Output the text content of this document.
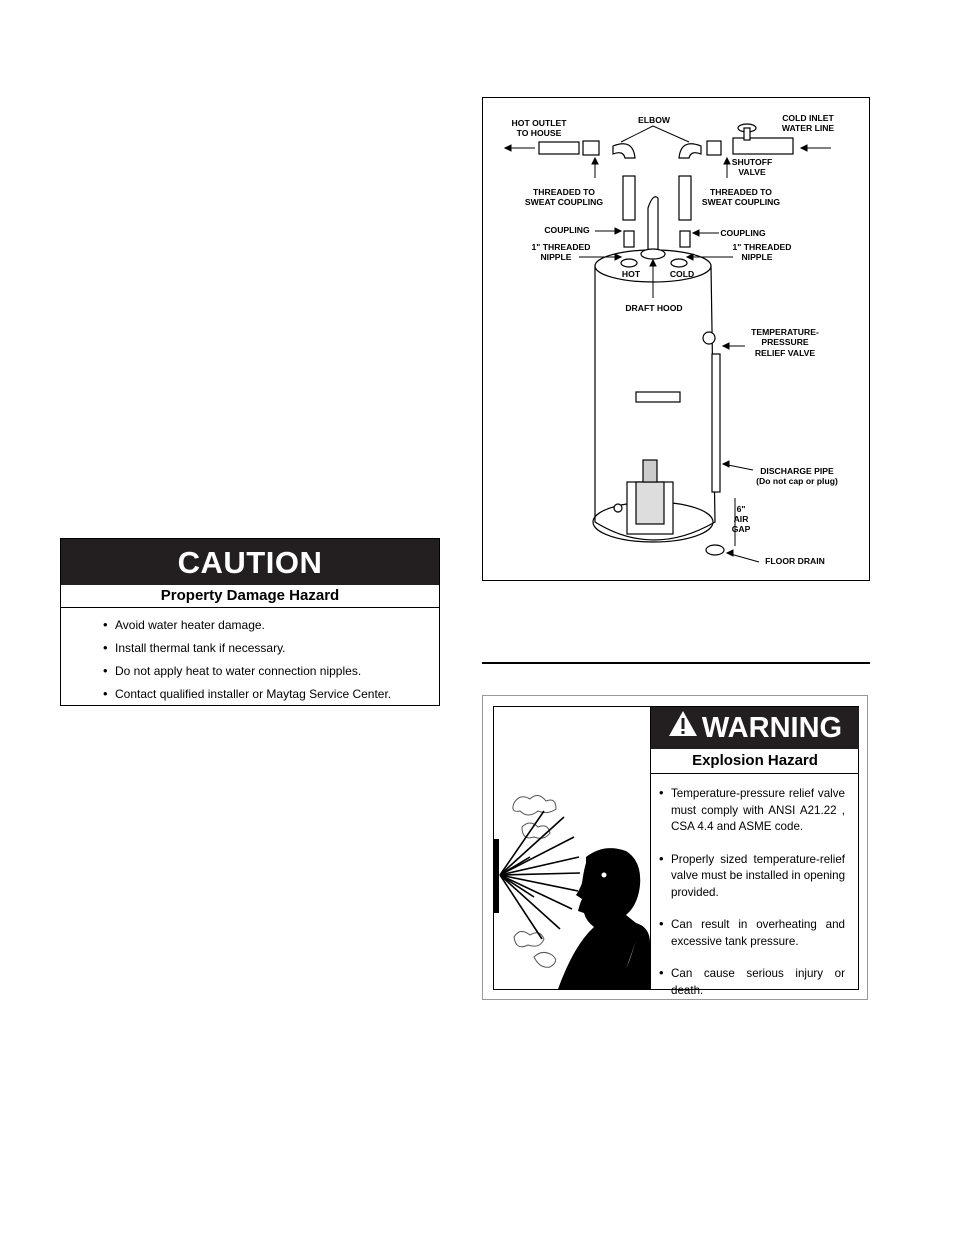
HOT OUTLET
TO HOUSE
ELBOW	COLD INLET
WATER LINE
SHUTOFF
VALVE
THREADED TO
SWEAT COUPLING
THREADED TO
SWEAT COUPLING
COUPLING	COUPLING
1" THREADED
NIPPLE
1" THREADED
NIPPLE
HOT	COLD
DRAFT HOOD
TEMPERATURE-
PRESSURE
RELIEF VALVE
DISCHARGE PIPE
(Do not cap or plug)
6"
AIR
GAP
FLOOR DRAIN
CAUTION
Property Damage Hazard
• Avoid water heater damage.
• Install thermal tank if necessary.
• Do not apply heat to water connection nipples.
• Contact qualified installer or Maytag Service Center.
WARNING
Explosion Hazard
• Temperature-pressure relief valve must comply with ANSI A21.22 , CSA 4.4 and ASME code.
• Properly sized temperature-relief valve must be installed in opening provided.
• Can result in overheating and excessive tank pressure.
• Can cause serious injury or death.
